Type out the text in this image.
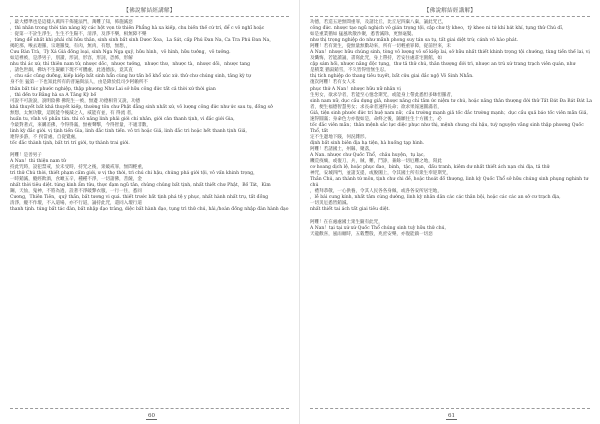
【佛說解結經講解】

，最大標準也是這樣入萬四千佈施法門，萬難了知，佈施滅惡

，thì nhân trong thời tán nàng kỳ các hột vọn từ thiên Phẩng hà xa kiếp, chu biến thế cứ trí, để c vô nghĩ hoặc

：從第一不詮生淨生，生生不生陽不，清淨，及淨不樂，相無障不樂

，từng để nhất khi phải chỉ hữu thân, sinh sinh bất sinh Dươc Xoa，La Sát, cấp Phú Đan Na, Ca Tra Phú Đan Na，

揭陀那，喉去迦羅，宗迦羅隻，有肉，無肉，有想，無想，，

Cưu Bàn Trà，Tỳ Xá Giá đồng loại, sinh Nga Ngạ quỷ, hữu hình，vô hình, hữu tưởng，vô tưởng.

如這裡被，是淨男子，別讀，形詞，形容，形詞，恐怖，形解

nhu thì ác xứ, thì thiên nam tử, nhược dõc，nhược tưởng，nhược thư，nhược tà，nhược dõi，nhược tang

，諸色世韻，佛坊不生凝顧下現不可體處，此過德法，竟其直

，chu sắc cũng dưỡng, kiếp kiếp bất sinh hẩn cùng hư tấn bố khổ xúc xứ. thử chư chúng sinh, tăng kỳ tự

身不住 猛第一下也知此所有的普遍與法人，由是降於低司少阿賴所不

thân bất túc phước nghiệp, thập phương Như Lai sở hữu công đức tất cả thời xứ thời gian

，thì đến tư Bằng hà sa A Tăng Kỳ bố

可說不可說說，說明陰佛 佛陀生一被，無邊 功德相背又說，功德

khả thuyết bất khả thuyết kiếp, thường tôn chư Phật đẳng sinh nhất xứ, vô lượng công đức như ức sau tụ, đồng sở

無想，太無功數，這既能今後減之人，威能有並，有 得流 者，

huấn tu, vĩnh vô phần tán. thì cô năng linh phải giới chí nhân, giới cản thanh tịnh, vì đắc giới Gia,

今最對著式，來購差佛，今得得滿，無複聲擊，今得智量，不適非數，

linh kỳ đắc giới. vị tịnh tiền Gia, linh đắc tinh tiến. vô tri hoặc Giả, linh đắc tri hoặc hết thanh tịnh Giả,

連得多游，不 拐當處，自從覺處，

tốc đắc thành tịnh, bất tri trí giới, tự thành trai giới.

阿難！是善男子

A Nan！thì thiện nam tử

持此咒時，設犯禁戒，於未受時，持咒之後，衆破戒罪，無間輕重，

trì thử Chú thời, thiết phạm cấm giới, ư vị thọ thời, trì chú chi hậu, chúng phá giới tội, vô vấn khinh trọng，

一時銷滅，縱經飲酒，食噉五辛，種種不淨，一切諸佛，菩薩，金

nhất thời tiêu diệt. túng kinh ẩm tửu, thực đạm ngũ tân, chủng chủng bất tịnh, nhất thiết chư Phật，Bồ Tát，Kim

鋼，天仙，鬼神，不將為過，設著不淨破弊衣服，一行一住，悉同

Cương，Thiên Tiên，quỷ thần, bất tương vi quá. thiết trước bất tịnh phá tệ y phục, nhất hành nhất trụ, tất đồng

清淨，縱不作壇，不入道場，亦不行道，誦持此咒，還同入壇行道

thanh tịnh. túng bất tác đàn, bất nhập đạo tràng, diệc bất hành đạo, tụng trì thử chú, hải,/hoàn đồng nhập đàn hành đạo

60
【佛說解結經講解】

功德，若造五逆無間重罪，及諸比丘，比丘尼四棄八棄，誦此咒已，

công đức. nhược tạo ngũ nghịch vô gián trọng tội, cập chư tỳ kheo，tỳ kheo ni tứ khí bát khí, tụng thử Chú dĩ,

如是重業猶如 猛風吹散沙聚，悉皆滅除，更無毫髮。

như thị trọng nghiệp do như mãnh phong suy tán sa tụ, tất giai diệt trừ, cánh vô hào phát.

阿難！若有衆生，從無量無數劫來，所有一切輕重罪障，從前世來，未

A Nan！nhược hữu chúng sinh, tòng vô lượng vô số kiếp lai, sở hữu nhất thiết khinh trọng tội chướng, tùng tiền thế lai, vị

及懺悔，若能讀誦，書寫此咒，身上帶持，若安住處莊宅園館，如

cập sám hối, nhược năng độc tụng，thư tả thử chú, thân thượng đới trì, nhược an trú xứ trang trạch viên quán, như

是積業 猶湯銷雪，不久皆得悟無生忍。

thị tích nghiệp do thang tiêu tuyết, bất cửu giai đắc ngộ Vô Sinh Nhẫn.

復次阿難！若有女人未

phục thứ A Nan！nhược hữu nữ nhân vị

生男女，欲求孕者，若能至心憶念斯咒，或能身上帶此悉怛多缽怛羅者，

sinh nam nữ, dục cầu dựng giả, nhược năng chí tâm ức niệm tư chú, hoặc năng thân thượng đới thử Tất Đát Đa Bát Đát La

者，便生福德智慧男女；求長命者速得長命；欲求果報速圓滿者，

Giả, tiện sinh phước đức trí huệ nam nữ；cầu trường mạnh giả tốc đắc trường mạnh；dục cầu quả báo tốc viên mãn Giả,

速得圓滿；身命色力亦復如是，命終之後，隨願往生十方國土，必

tốc đắc viên mãn；thân mệnh sắc lực diệc phục như thị, mệnh chung chi hậu, tuỳ nguyện vãng sinh thập phương Quốc Thổ, tất

定不生邊地下賤，何況雜形。

định bất sinh biên địa hạ tiện, hà huống tạp hình.

阿難！若諸國土，州縣，聚落，

A Nan. nhược chư Quốc Thổ，châu huyện，tụ lạc,

饑荒疫癘，或復刀，兵，賊，難，鬥諍，兼餘一切厄難之地，寫此

cơ hoang dịch lệ, hoặc phục đao，binh，tặc，nạn，đấu tranh, kiêm dư nhất thiết ách nạn chi địa, tả thử

神咒，安城四門，並諸支提，或脫闍上，令其國土所有衆生奉迎斯咒，

Thần Chú, an thành tứ môn, tịnh chư chi đề, hoặc thoát đồ thượng, linh kỳ Quốc Thổ sở hữu chúng sinh phụng nghinh tư chú

，禮拜恭敬，一心供養，令其人民各各身佩，或各各安所居宅地，

，lễ bái cung kính, nhất tâm cúng dường, linh kỳ nhân dân các các thân bội, hoặc các các an sở cư trạch địa,

一切災厄悉皆銷滅。

nhất thiết tai ách tất giai tiêu diệt.

阿難！在在處處國土衆生隨有此咒，

A Nan！tại tại xứ xứ Quốc Thổ chúng sinh tuỳ hữu thử chú,

天龍歡喜，風雨順時，五穀豐殷，兆庶安樂，亦復能鎮一切惡

61
